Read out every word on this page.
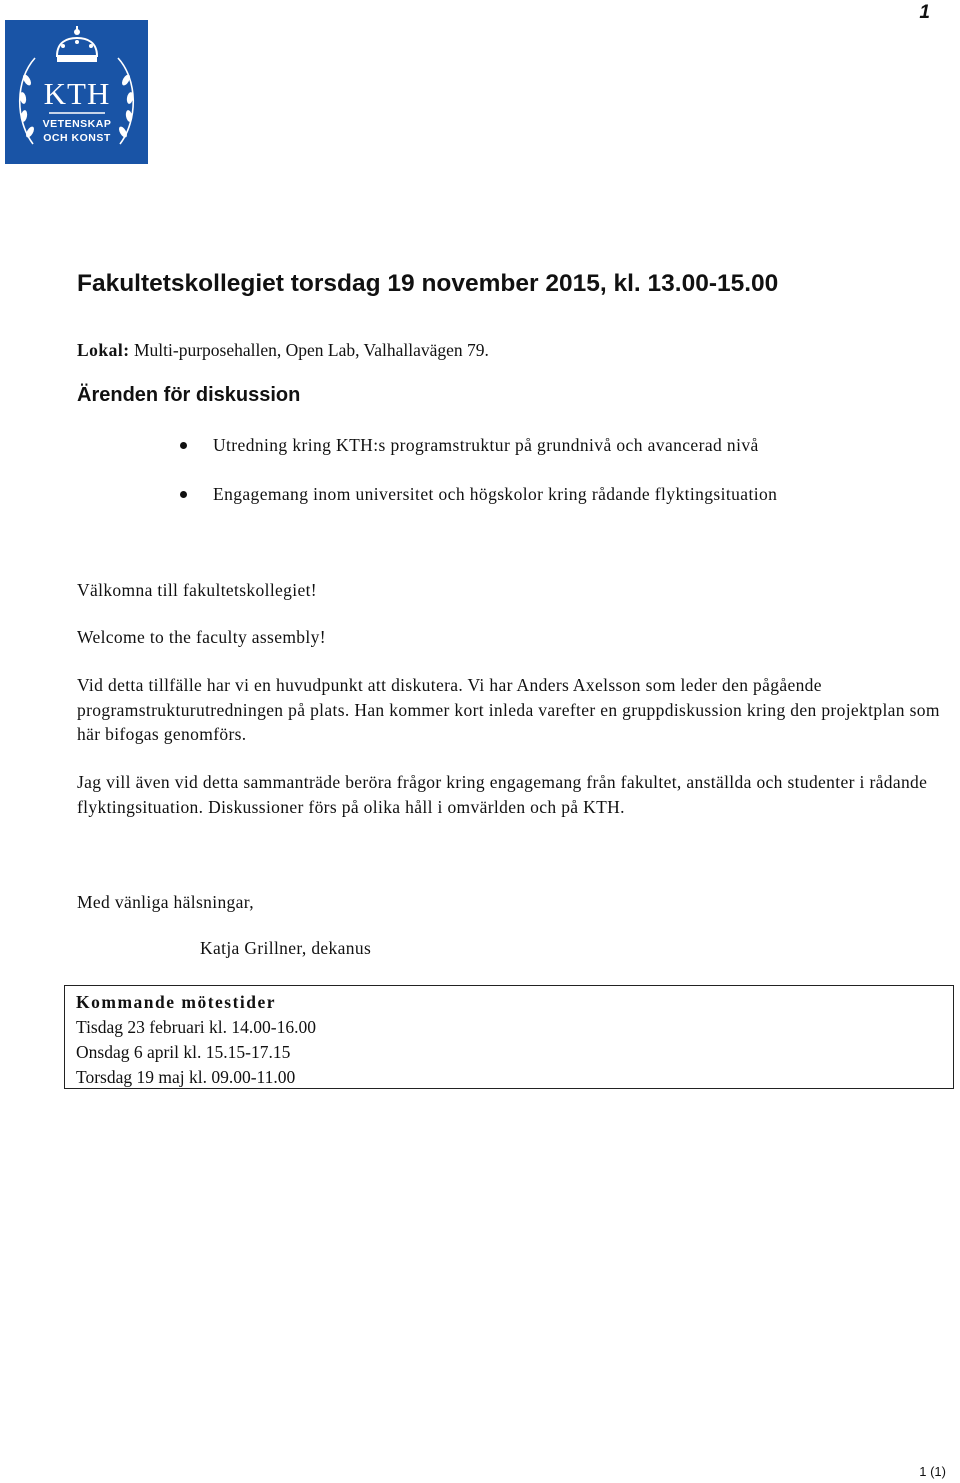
1
KTH
VETENSKAP
OCH KONST
Fakultetskollegiet torsdag 19 november 2015, kl. 13.00-15.00
Lokal: Multi-purposehallen, Open Lab, Valhallavägen 79.
Ärenden för diskussion
Utredning kring KTH:s programstruktur på grundnivå och avancerad nivå
Engagemang inom universitet och högskolor kring rådande flyktingsituation
Välkomna till fakultetskollegiet!
Welcome to the faculty assembly!
Vid detta tillfälle har vi en huvudpunkt att diskutera. Vi har Anders Axelsson som leder den pågående programstrukturutredningen på plats. Han kommer kort inleda varefter en gruppdiskussion kring den projektplan som här bifogas genomförs.
Jag vill även vid detta sammanträde beröra frågor kring engagemang från fakultet, anställda och studenter i rådande flyktingsituation. Diskussioner förs på olika håll i omvärlden och på KTH.
Med vänliga hälsningar,
Katja Grillner, dekanus
Kommande mötestider
Tisdag 23 februari kl. 14.00-16.00
Onsdag 6 april kl. 15.15-17.15
Torsdag 19 maj kl. 09.00-11.00
1 (1)
